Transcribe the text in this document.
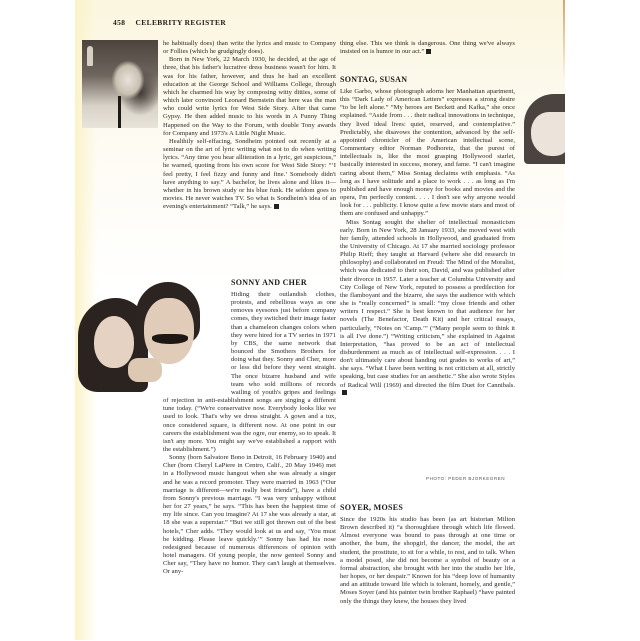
458 CELEBRITY REGISTER

he habitually does) than write the lyrics and music to Company or Follies (which he grudgingly does).

Born in New York, 22 March 1930, he decided, at the age of three, that his father's lucrative dress business wasn't for him. It was for his father, however, and thus he had an excellent education at the George School and Williams College, through which he charmed his way by composing witty ditties, some of which later convinced Leonard Bernstein that here was the man who could write lyrics for West Side Story. After that came Gypsy. He then added music to his words in A Funny Thing Happened on the Way to the Forum, with double Tony awards for Company and 1973's A Little Night Music.

Healthily self-effacing, Sondheim pointed out recently at a seminar on the art of lyric writing what not to do when writing lyrics. “Any time you hear alliteration in a lyric, get suspicious,” he warned, quoting from his own score for West Side Story: “‘I feel pretty, I feel fizzy and funny and fine.’ Somebody didn't have anything to say.” A bachelor, he lives alone and likes it—whether in his brown study or his blue funk. He seldom goes to movies. He never watches TV. So what is Sondheim's idea of an evening's entertainment? “Talk,” he says.

SONNY AND CHER

Hiding their outlandish clothes, protests, and rebellious ways as one removes eyesores just before company comes, they switched their image faster than a chameleon changes colors when they were hired for a TV series in 1971 by CBS, the same network that bounced the Smothers Brothers for doing what they. Sonny and Cher, more or less did before they went straight. The once bizarre husband and wife team who sold millions of records wailing of youth's gripes and feelings of rejection in anti-establishment songs are singing a different tune today. (“We're conservative now. Everybody looks like we used to look. That's why we dress straight. A gown and a tux, once considered square, is different now. At one point in our careers the establishment was the ogre, our enemy, so to speak. It isn't any more. You might say we've established a rapport with the establishment.”)

Sonny (born Salvatore Bono in Detroit, 16 February 1940) and Cher (born Cheryl LaPiere in Centro, Calif., 20 May 1946) met in a Hollywood music hangout when she was already a singer and he was a record promoter. They were married in 1963 (“Our marriage is different—we're really best friends”), have a child from Sonny's previous marriage. “I was very unhappy without her for 27 years,” he says. “This has been the happiest time of my life since. Can you imagine? At 17 she was already a star, at 18 she was a superstar.” “But we still got thrown out of the best hotels,” Cher adds. “They would look at us and say, ‘You must be kidding. Please leave quickly.’” Sonny has had his nose redesigned because of numerous differences of opinion with hotel managers. Of young people, the now genteel Sonny and Cher say, “They have no humor. They can't laugh at themselves. Or any-

thing else. This we think is dangerous. One thing we've always insisted on is humor in our act.”

SONTAG, SUSAN

Like Garbo, whose photograph adorns her Manhattan apartment, this “Dark Lady of American Letters” expresses a strong desire “to be left alone.” “My heroes are Beckett and Kafka,” she once explained. “Aside from . . . their radical innovations in technique, they lived ideal lives: quiet, reserved, and contemplative.” Predictably, she disavows the contention, advanced by the self-appointed chronicler of the American intellectual scene, Commentary editor Norman Podhoretz, that the purest of intellectuals is, like the most grasping Hollywood starlet, basically interested in success, money, and fame. “I can't imagine caring about them,” Miss Sontag declaims with emphasis. “As long as I have solitude and a place to work . . . as long as I'm published and have enough money for books and movies and the opera, I'm perfectly content. . . . I don't see why anyone would look for . . . publicity. I know quite a few movie stars and most of them are confused and unhappy.”

Miss Sontag sought the shelter of intellectual monasticism early. Born in New York, 28 January 1933, she moved west with her family, attended schools in Hollywood, and graduated from the University of Chicago. At 17 she married sociology professor Philip Rieff; they taught at Harvard (where she did research in philosophy) and collaborated on Freud: The Mind of the Moralist, which was dedicated to their son, David, and was published after their divorce in 1957. Later a teacher at Columbia University and City College of New York, reputed to possess a predilection for the flamboyant and the bizarre, she says the audience with which she is “really concerned” is small: “my close friends and other writers I respect.” She is best known to that audience for her novels (The Benefactor, Death Kit) and her critical essays, particularly, “Notes on ‘Camp.’” (“Many people seem to think it is all I've done.”) “Writing criticism,” she explained in Against Interpretation, “has proved to be an act of intellectual disburdenment as much as of intellectual self-expression. . . . I don't ultimately care about handing out grades to works of art,” she says. “What I have been writing is not criticism at all, strictly speaking, but case studies for an aesthetic.” She also wrote Styles of Radical Will (1969) and directed the film Duet for Cannibals.

PHOTO: PEDER BJORKEGREN
SOYER, MOSES

Since the 1920s his studio has been (as art historian Milton Brown described it) “a thoroughfare through which life flowed. Almost everyone was bound to pass through at one time or another, the bum, the shopgirl, the dancer, the model, the art student, the prostitute, to sit for a while, to rest, and to talk. When a model posed, she did not become a symbol of beauty or a formal abstraction, she brought with her into the studio her life, her hopes, or her despair.” Known for his “deep love of humanity and an attitude toward life which is tolerant, homely, and gentle,” Moses Soyer (and his painter twin brother Raphael) “have painted only the things they knew, the houses they lived
